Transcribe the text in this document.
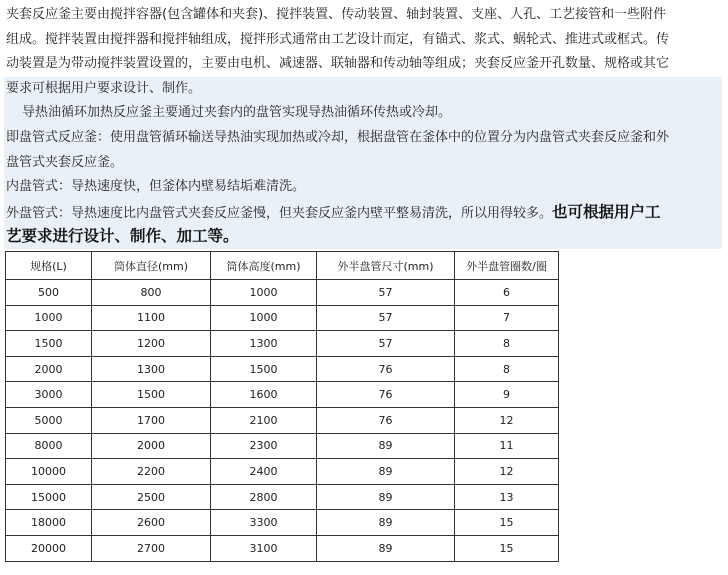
夹套反应釜主要由搅拌容器(包含罐体和夹套)、搅拌装置、传动装置、轴封装置、支座、人孔、工艺接管和一些附件
组成。搅拌装置由搅拌器和搅拌轴组成，搅拌形式通常由工艺设计而定，有锚式、浆式、蜗轮式、推进式或框式。传
动装置是为带动搅拌装置设置的，主要由电机、减速器、联轴器和传动轴等组成；夹套反应釜开孔数量、规格或其它
要求可根据用户要求设计、制作。
导热油循环加热反应釜主要通过夹套内的盘管实现导热油循环传热或冷却。
即盘管式反应釜：使用盘管循环输送导热油实现加热或冷却，根据盘管在釜体中的位置分为内盘管式夹套反应釜和外
盘管式夹套反应釜。
内盘管式：导热速度快，但釜体内壁易结垢难清洗。
外盘管式：导热速度比内盘管式夹套反应釜慢，但夹套反应釜内壁平整易清洗，所以用得较多。也可根据用户工
艺要求进行设计、制作、加工等。
规格(L)	筒体直径(mm)	筒体高度(mm)	外半盘管尺寸(mm)	外半盘管圈数/圈
500	800	1000	57	6
1000	1100	1000	57	7
1500	1200	1300	57	8
2000	1300	1500	76	8
3000	1500	1600	76	9
5000	1700	2100	76	12
8000	2000	2300	89	11
10000	2200	2400	89	12
15000	2500	2800	89	13
18000	2600	3300	89	15
20000	2700	3100	89	15
